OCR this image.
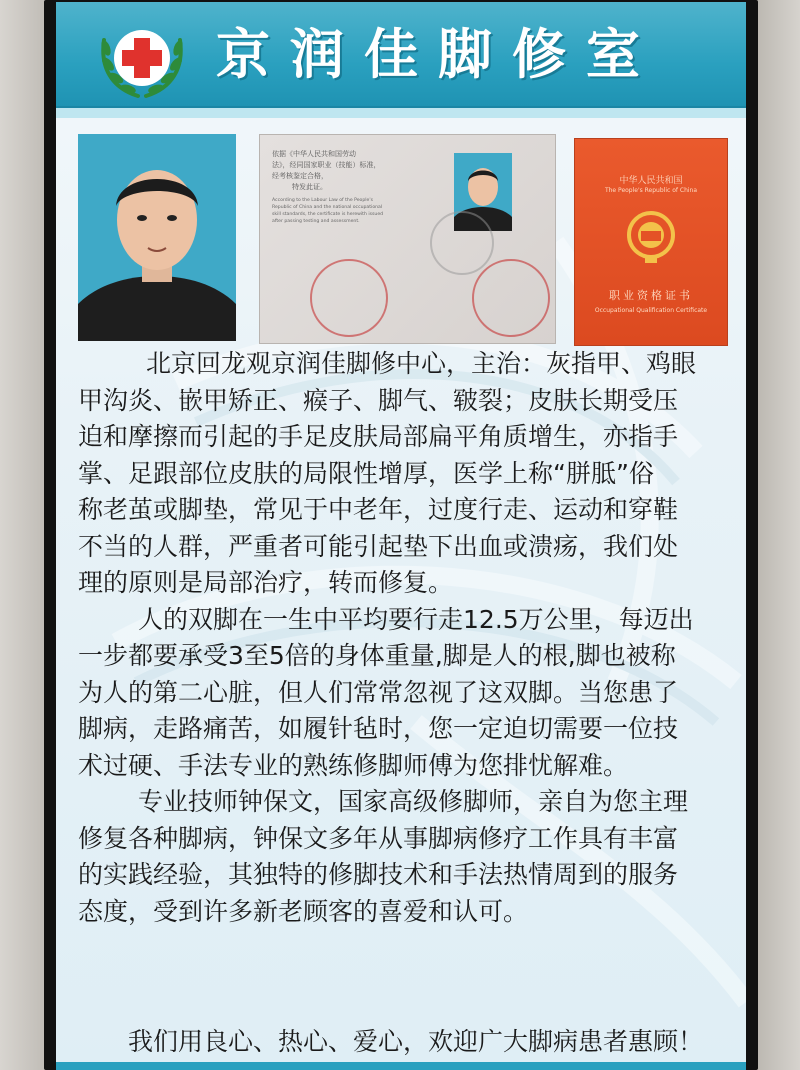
京润佳脚修室
依据《中华人民共和国劳动
法》，经同国家职业（技能）标准，
经考核鉴定合格，
特发此证。
According to the Labour Law of the People's
Republic of China and the national occupational
skill standards, the certificate is herewith issued
after passing testing and assessment.
中华人民共和国
The People's Republic of China
职业资格证书
Occupational Qualification Certificate
北京回龙观京润佳脚修中心，主治：灰指甲、鸡眼
甲沟炎、嵌甲矫正、瘊子、脚气、皲裂；皮肤长期受压
迫和摩擦而引起的手足皮肤局部扁平角质增生，亦指手
掌、足跟部位皮肤的局限性增厚，医学上称“胼胝”俗
称老茧或脚垫，常见于中老年，过度行走、运动和穿鞋
不当的人群，严重者可能引起垫下出血或溃疡，我们处
理的原则是局部治疗，转而修复。
人的双脚在一生中平均要行走12.5万公里，每迈出
一步都要承受3至5倍的身体重量,脚是人的根,脚也被称
为人的第二心脏，但人们常常忽视了这双脚。当您患了
脚病，走路痛苦，如履针毡时，您一定迫切需要一位技
术过硬、手法专业的熟练修脚师傅为您排忧解难。
专业技师钟保文，国家高级修脚师，亲自为您主理
修复各种脚病，钟保文多年从事脚病修疗工作具有丰富
的实践经验，其独特的修脚技术和手法热情周到的服务
态度，受到许多新老顾客的喜爱和认可。
我们用良心、热心、爱心，欢迎广大脚病患者惠顾！
